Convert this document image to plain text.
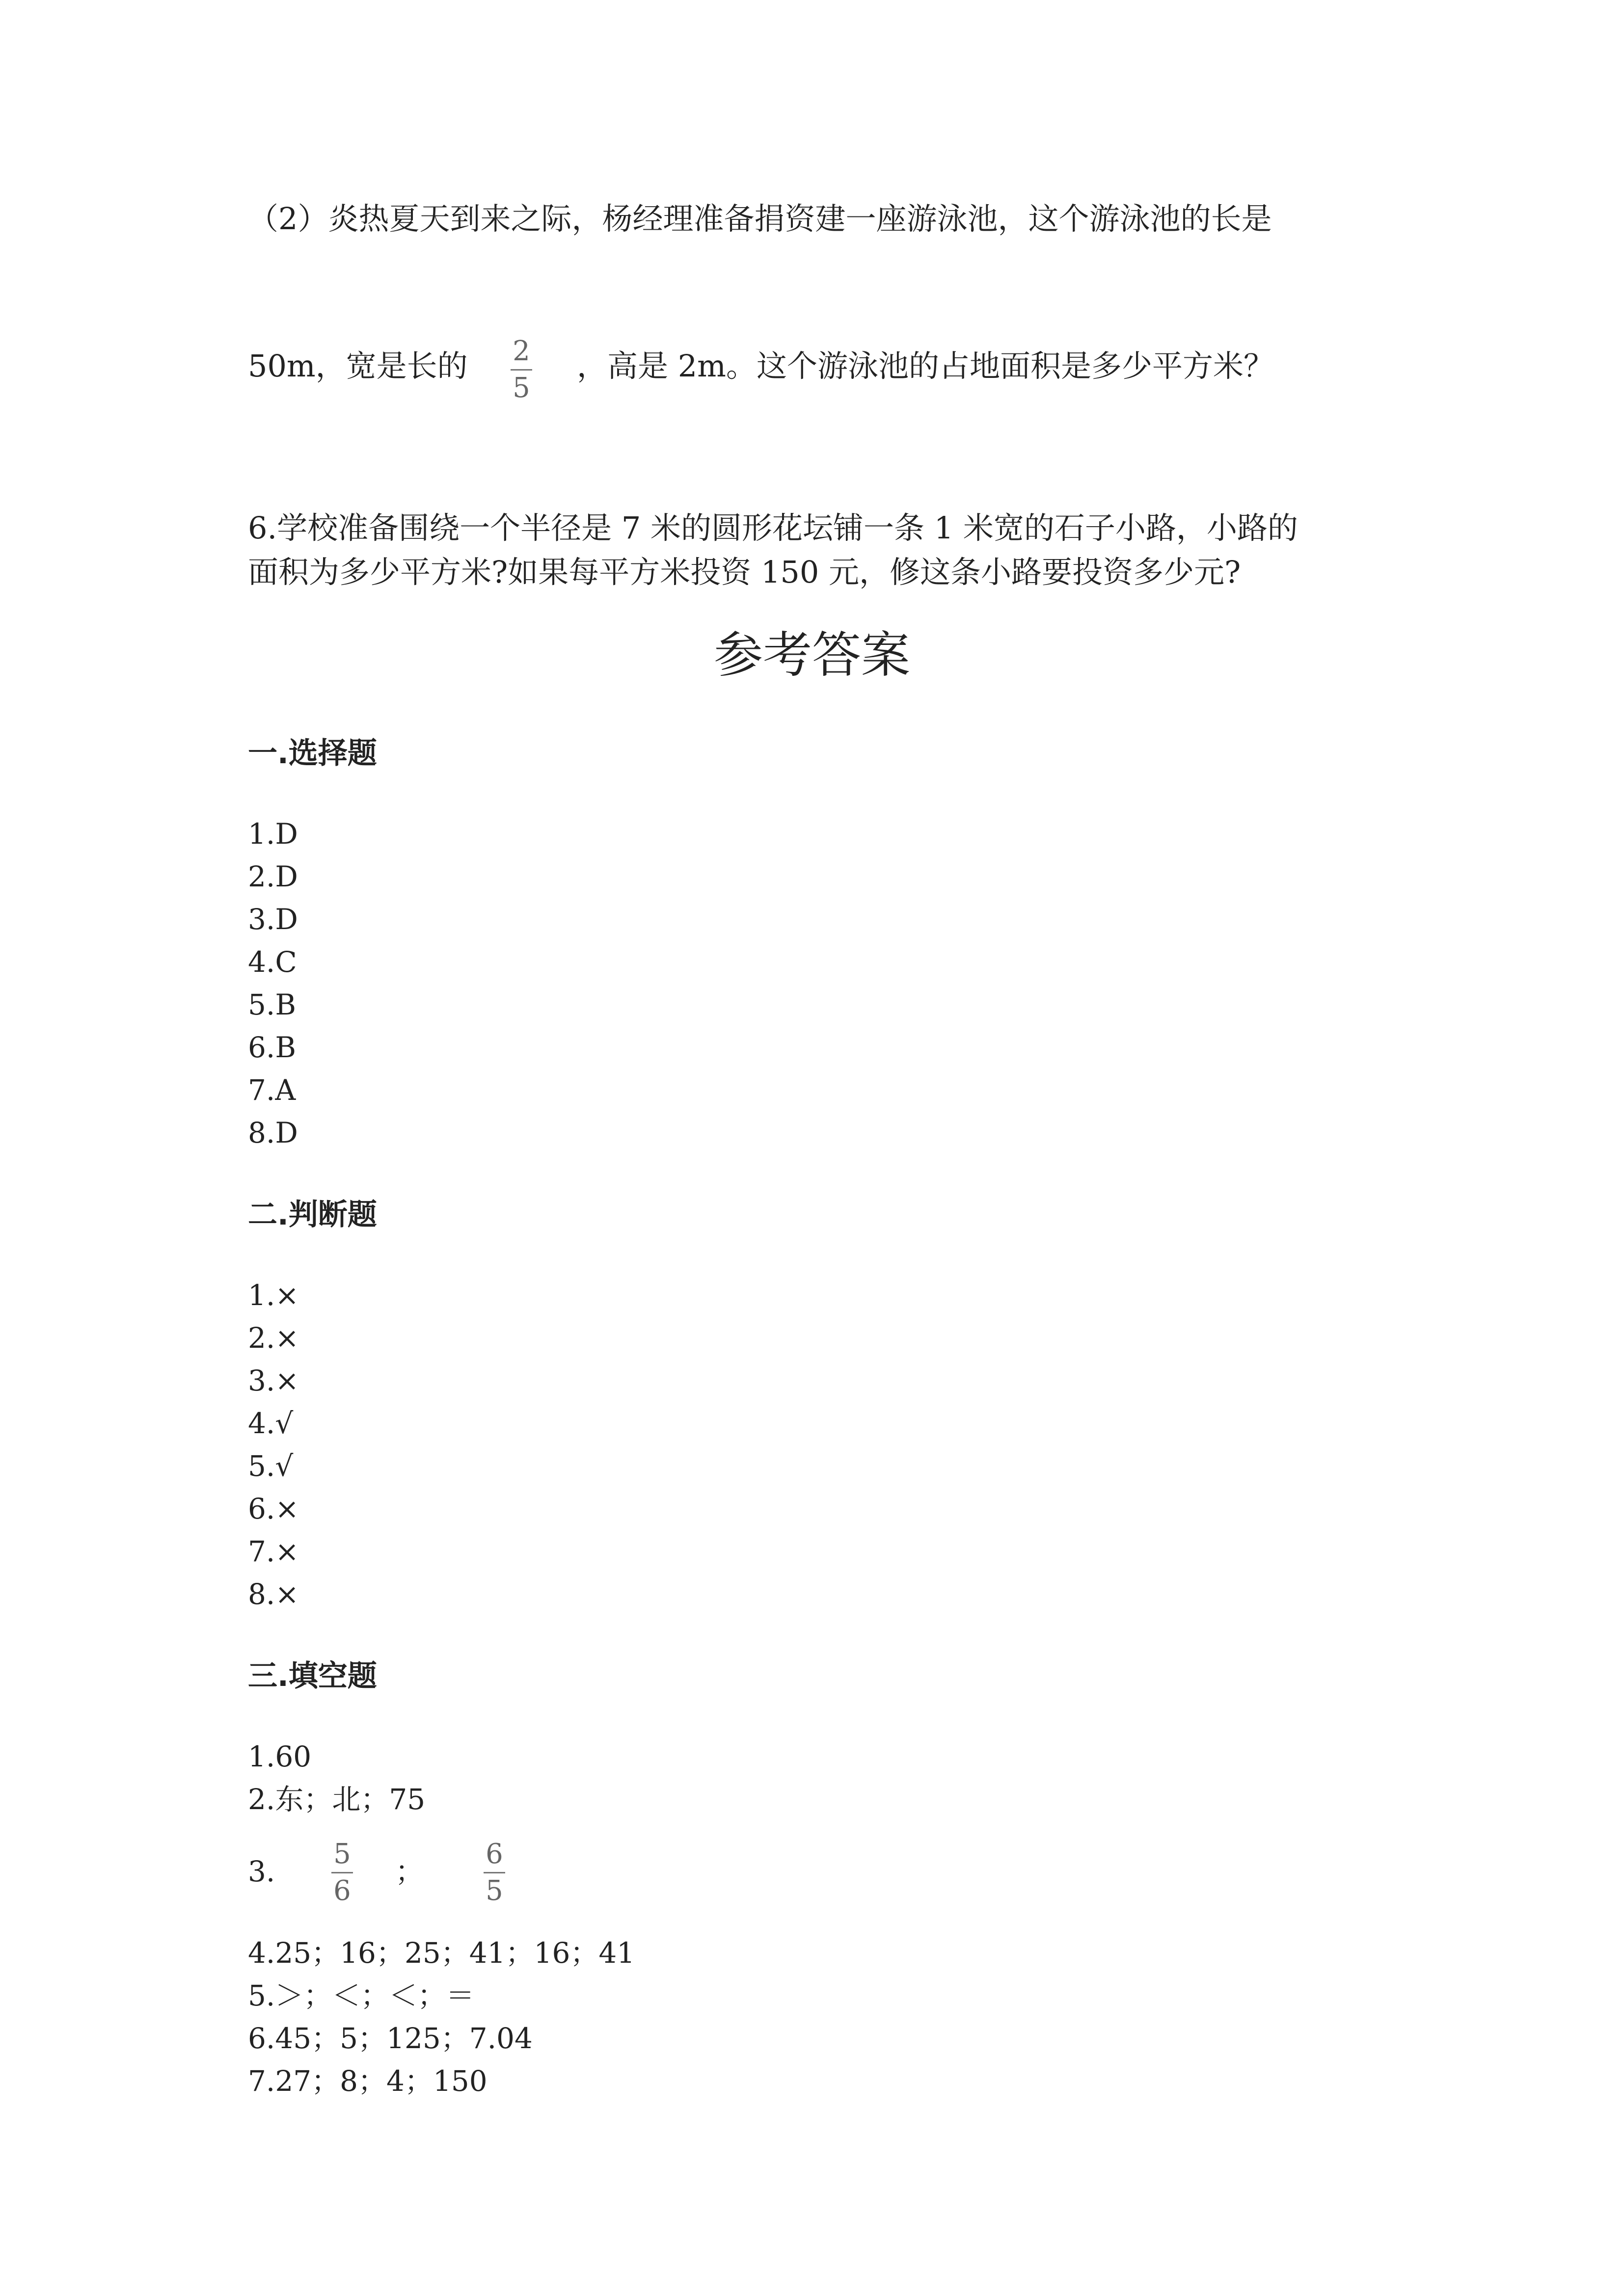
（2）炎热夏天到来之际，杨经理准备捐资建一座游泳池，这个游泳池的长是
50m，宽是长的 2
5
，高是 2m。这个游泳池的占地面积是多少平方米？
6.学校准备围绕一个半径是 7 米的圆形花坛铺一条 1 米宽的石子小路，小路的
面积为多少平方米?如果每平方米投资 150 元，修这条小路要投资多少元?
参考答案
一.选择题
1.D
2.D
3.D
4.C
5.B
6.B
7.A
8.D
二.判断题
1.×
2.×
3.×
4.√
5.√
6.×
7.×
8.×
三.填空题
1.60
2.东；北；75
3.
5
6
；
6
5
4.25；16；25；41；16；41
5.＞；＜；＜；＝
6.45；5；125；7.04
7.27；8；4；150
